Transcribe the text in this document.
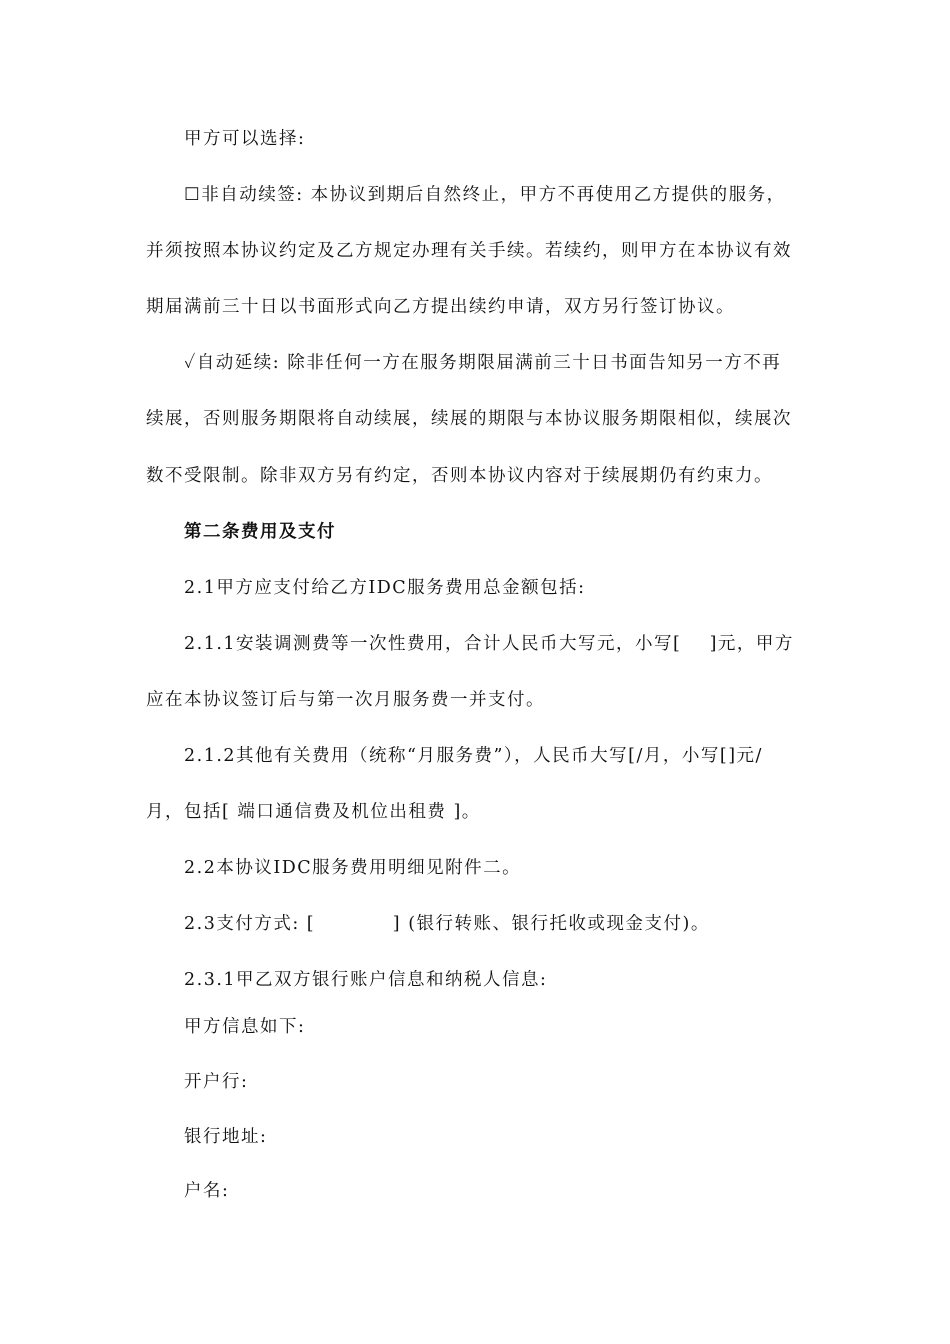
甲方可以选择:

☐非自动续签: 本协议到期后自然终止，甲方不再使用乙方提供的服务，

并须按照本协议约定及乙方规定办理有关手续。若续约，则甲方在本协议有效

期届满前三十日以书面形式向乙方提出续约申请，双方另行签订协议。

✓自动延续: 除非任何一方在服务期限届满前三十日书面告知另一方不再

续展，否则服务期限将自动续展，续展的期限与本协议服务期限相似，续展次

数不受限制。除非双方另有约定，否则本协议内容对于续展期仍有约束力。

第二条费用及支付

2.1甲方应支付给乙方IDC服务费用总金额包括:

2.1.1安装调测费等一次性费用，合计人民币大写元，小写[    ]元，甲方

应在本协议签订后与第一次月服务费一并支付。

2.1.2其他有关费用（统称“月服务费”），人民币大写[/月，小写[]元/

月，包括[ 端口通信费及机位出租费 ]。

2.2本协议IDC服务费用明细见附件二。

2.3支付方式: [           ] (银行转账、银行托收或现金支付)。

2.3.1甲乙双方银行账户信息和纳税人信息:

甲方信息如下:

开户行:

银行地址:

户名:
